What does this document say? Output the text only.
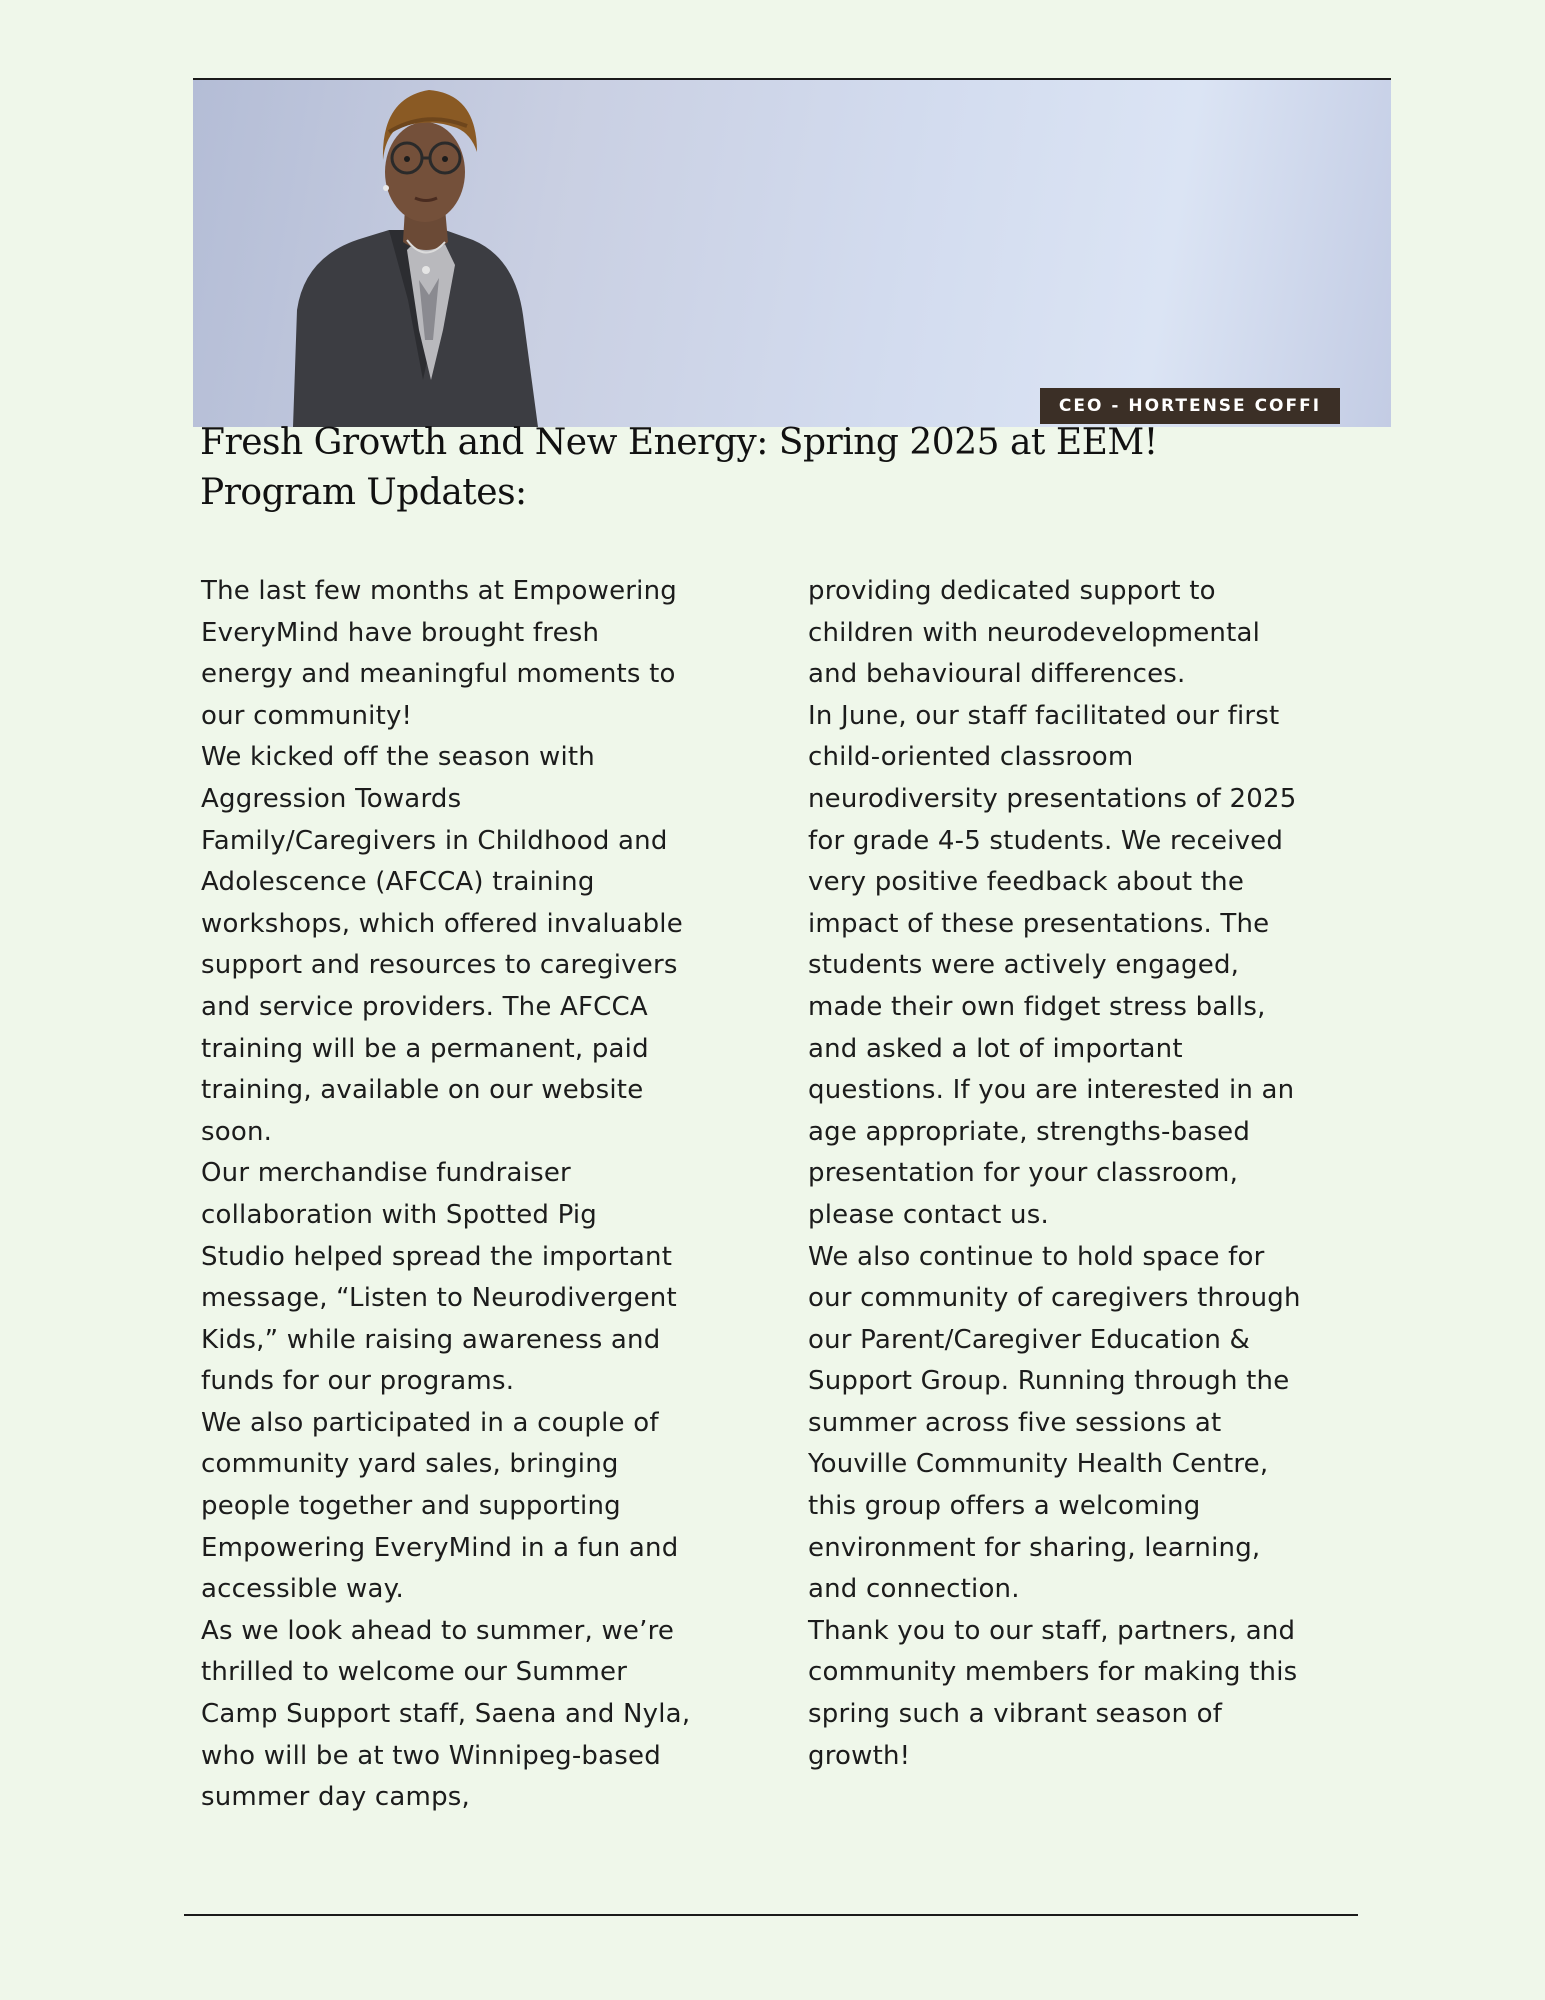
CEO - HORTENSE COFFI
Fresh Growth and New Energy: Spring 2025 at EEM!
Program Updates:

The last few months at Empowering
EveryMind have brought fresh
energy and meaningful moments to
our community!

We kicked off the season with
Aggression Towards
Family/Caregivers in Childhood and
Adolescence (AFCCA) training
workshops, which offered invaluable
support and resources to caregivers
and service providers. The AFCCA
training will be a permanent, paid
training, available on our website
soon.

Our merchandise fundraiser
collaboration with Spotted Pig
Studio helped spread the important
message, “Listen to Neurodivergent
Kids,” while raising awareness and
funds for our programs.

We also participated in a couple of
community yard sales, bringing
people together and supporting
Empowering EveryMind in a fun and
accessible way.

As we look ahead to summer, we’re
thrilled to welcome our Summer
Camp Support staff, Saena and Nyla,
who will be at two Winnipeg-based
summer day camps,

providing dedicated support to
children with neurodevelopmental
and behavioural differences.

In June, our staff facilitated our first
child-oriented classroom
neurodiversity presentations of 2025
for grade 4-5 students. We received
very positive feedback about the
impact of these presentations. The
students were actively engaged,
made their own fidget stress balls,
and asked a lot of important
questions. If you are interested in an
age appropriate, strengths-based
presentation for your classroom,
please contact us.

We also continue to hold space for
our community of caregivers through
our Parent/Caregiver Education &
Support Group. Running through the
summer across five sessions at
Youville Community Health Centre,
this group offers a welcoming
environment for sharing, learning,
and connection.

Thank you to our staff, partners, and
community members for making this
spring such a vibrant season of
growth!
